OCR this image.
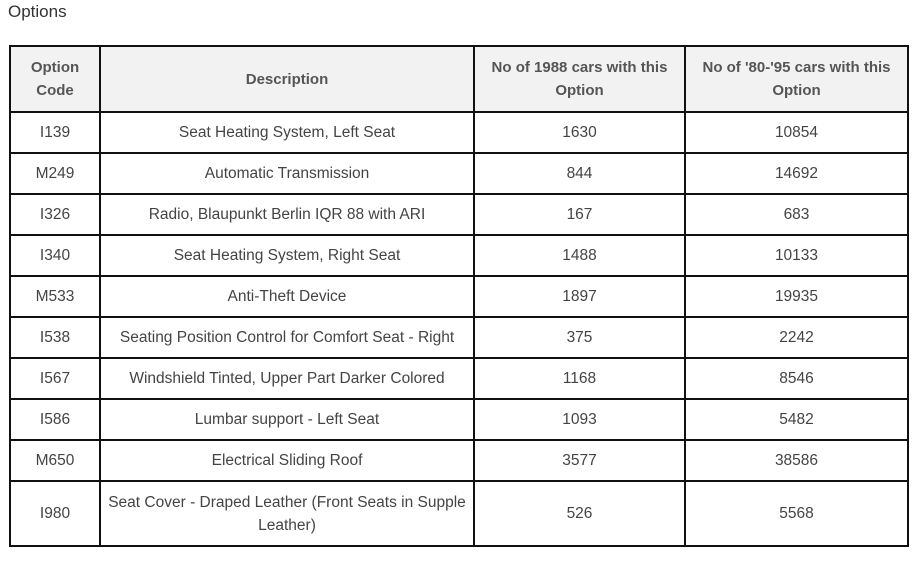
Options
Option Code	Description	No of 1988 cars with this Option	No of '80-'95 cars with this Option
I139	Seat Heating System, Left Seat	1630	10854
M249	Automatic Transmission	844	14692
I326	Radio, Blaupunkt Berlin IQR 88 with ARI	167	683
I340	Seat Heating System, Right Seat	1488	10133
M533	Anti-Theft Device	1897	19935
I538	Seating Position Control for Comfort Seat - Right	375	2242
I567	Windshield Tinted, Upper Part Darker Colored	1168	8546
I586	Lumbar support - Left Seat	1093	5482
M650	Electrical Sliding Roof	3577	38586
I980	Seat Cover - Draped Leather (Front Seats in Supple Leather)	526	5568
